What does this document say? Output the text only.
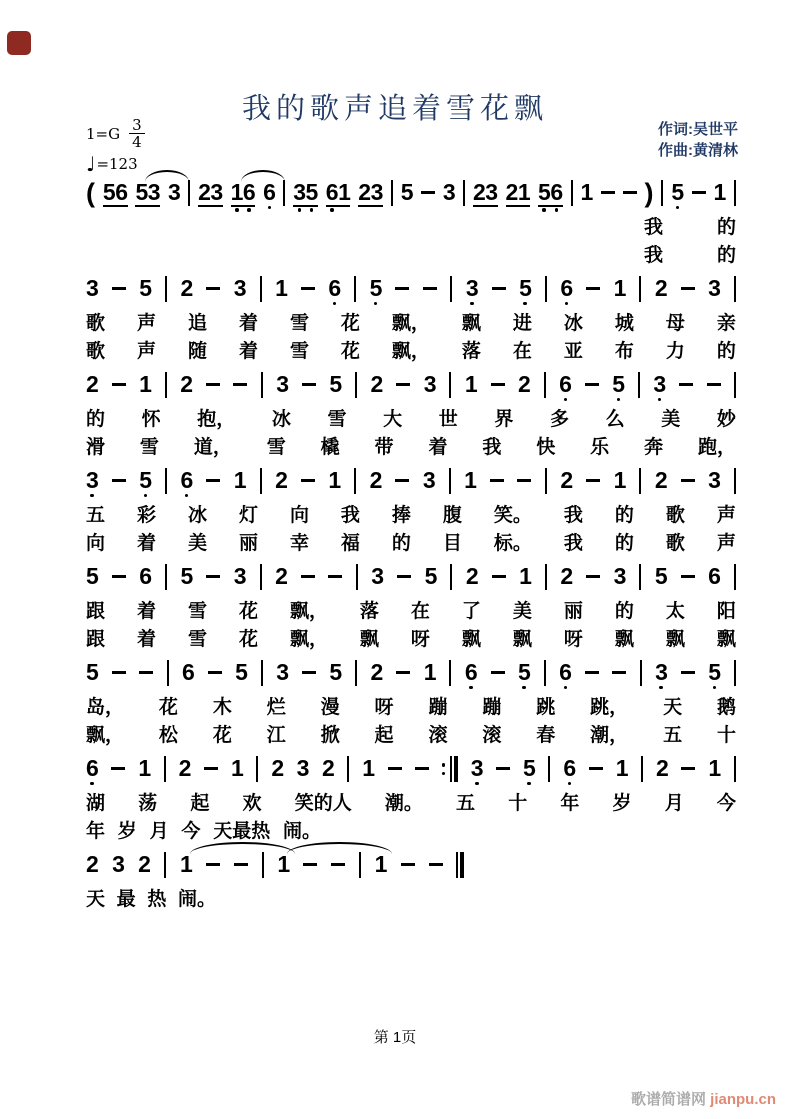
我的歌声追着雪花飘
作词:吴世平
作曲:黄清林
$1=G \frac{3}{4}$
♩ =123
( 56 53 3 23 16 6 35 61 23 5 3 23 21 56 1 ) 5 1
我	的
我	的
3 5 2 3 1 6 5	3 5 6 1 2 3
歌 声 追 着 雪 花 飘， 飘 进 冰 城 母 亲
歌 声 随 着 雪 花 飘， 落 在 亚 布 力 的
2 1 2	3 5 2 3 1 2 6 5 3
的 怀 抱， 冰 雪 大 世 界 多 么 美 妙
滑 雪 道， 雪 橇 带 着 我 快 乐 奔 跑，
3 5 6 1 2 1 2 3 1	2 1 2 3
五 彩 冰 灯 向 我 捧 腹 笑。 我 的 歌 声
向 着 美 丽 幸 福 的 目 标。 我 的 歌 声
5 6 5 3 2	3 5 2 1 2 3 5 6
跟 着 雪 花 飘， 落 在 了 美 丽 的 太 阳
跟 着 雪 花 飘， 飘 呀 飘 飘 呀 飘 飘 飘
5	6 5 3 5 2 1 6 5 6	3 5
岛， 花 木 烂 漫 呀 蹦 蹦 跳 跳， 天 鹅
飘， 松 花 江 掀 起 滚 滚 春 潮， 五 十
6 1 2 1 2 3 2 1	3 5 6 1 2 1
湖 荡 起 欢 笑的人 潮。 五 十 年 岁 月 今
年 岁 月 今 天最热 闹。
2 3 2 1	1	1
天 最 热 闹。
第 1页
歌谱简谱网 jianpu.cn
